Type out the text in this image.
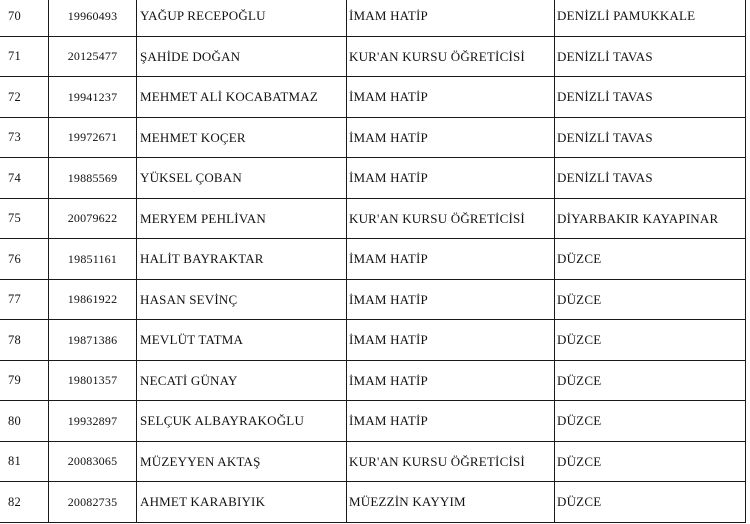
70	19960493	YAĞUP RECEPOĞLU	İMAM HATİP	DENİZLİ PAMUKKALE
71	20125477	ŞAHİDE DOĞAN	KUR'AN KURSU ÖĞRETİCİSİ	DENİZLİ TAVAS
72	19941237	MEHMET ALİ KOCABATMAZ	İMAM HATİP	DENİZLİ TAVAS
73	19972671	MEHMET KOÇER	İMAM HATİP	DENİZLİ TAVAS
74	19885569	YÜKSEL ÇOBAN	İMAM HATİP	DENİZLİ TAVAS
75	20079622	MERYEM PEHLİVAN	KUR'AN KURSU ÖĞRETİCİSİ	DİYARBAKIR KAYAPINAR
76	19851161	HALİT BAYRAKTAR	İMAM HATİP	DÜZCE
77	19861922	HASAN SEVİNÇ	İMAM HATİP	DÜZCE
78	19871386	MEVLÜT TATMA	İMAM HATİP	DÜZCE
79	19801357	NECATİ GÜNAY	İMAM HATİP	DÜZCE
80	19932897	SELÇUK ALBAYRAKOĞLU	İMAM HATİP	DÜZCE
81	20083065	MÜZEYYEN AKTAŞ	KUR'AN KURSU ÖĞRETİCİSİ	DÜZCE
82	20082735	AHMET KARABIYIK	MÜEZZİN KAYYIM	DÜZCE
